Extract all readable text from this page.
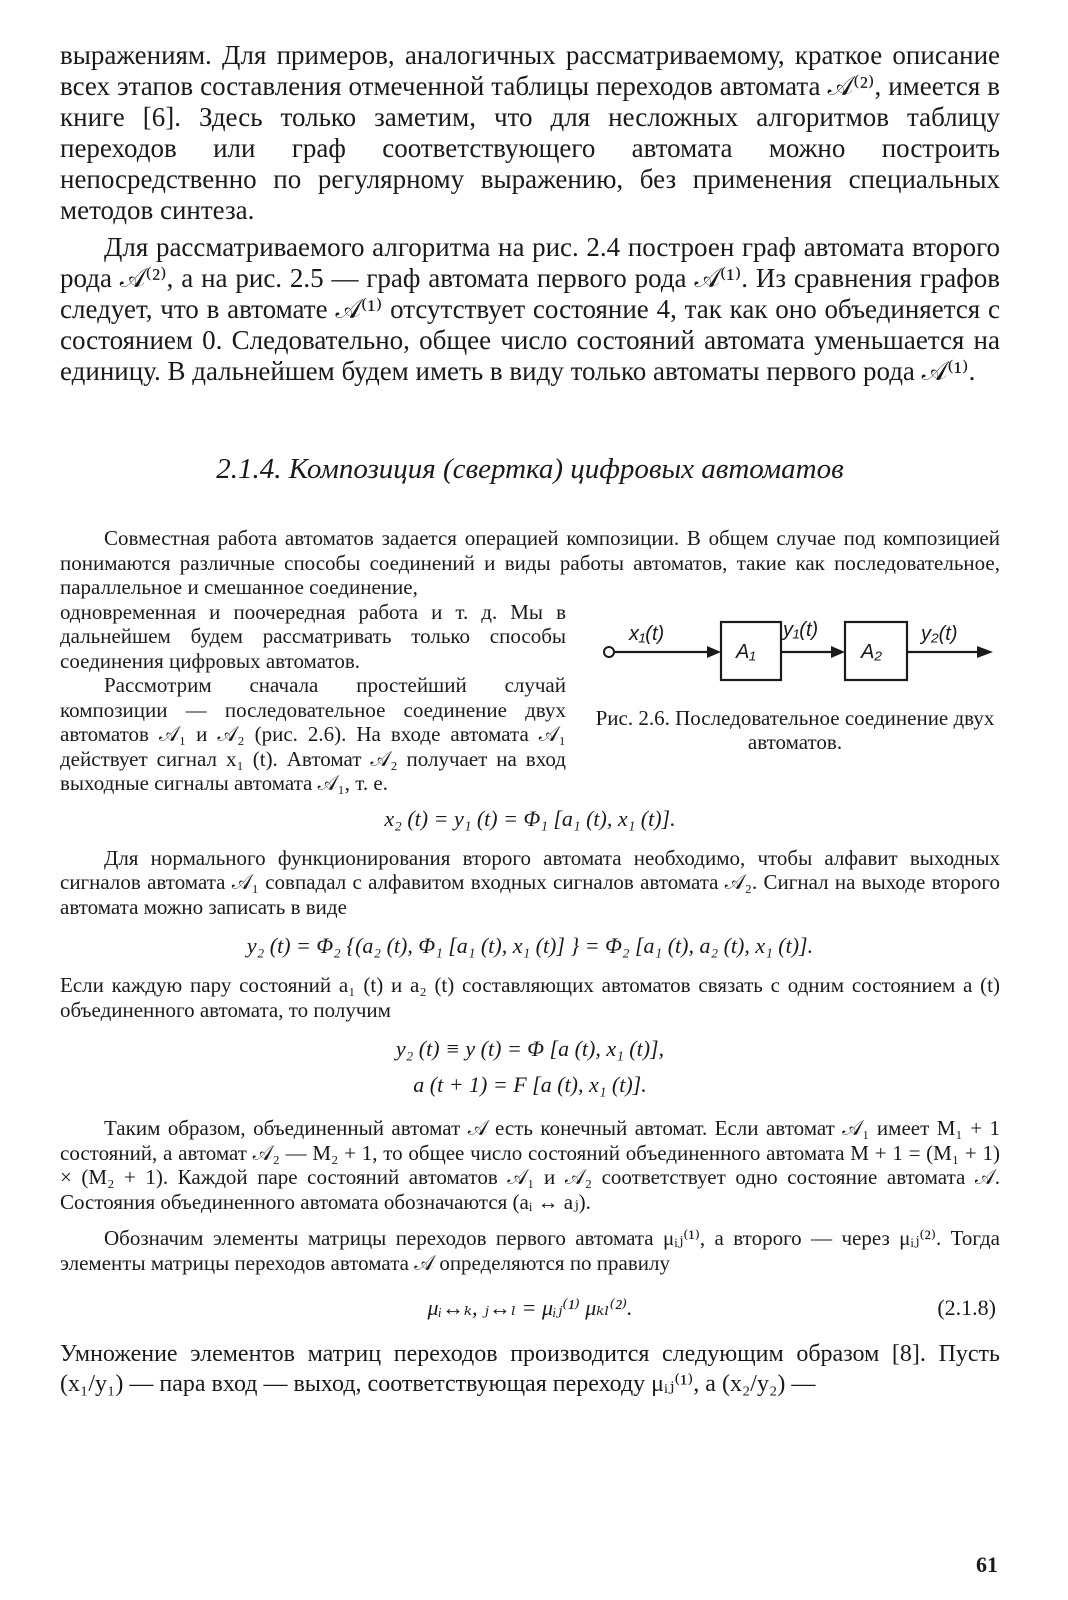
выражениям. Для примеров, аналогичных рассматриваемому, краткое описание всех этапов составления отмеченной таблицы переходов автомата 𝒜⁽²⁾, имеется в книге [6]. Здесь только заметим, что для несложных алгоритмов таблицу переходов или граф соответствующего автомата можно построить непосредственно по регулярному выражению, без применения специальных методов синтеза.

Для рассматриваемого алгоритма на рис. 2.4 построен граф автомата второго рода 𝒜⁽²⁾, а на рис. 2.5 — граф автомата первого рода 𝒜⁽¹⁾. Из сравнения графов следует, что в автомате 𝒜⁽¹⁾ отсутствует состояние 4, так как оно объединяется с состоянием 0. Следовательно, общее число состояний автомата уменьшается на единицу. В дальнейшем будем иметь в виду только автоматы первого рода 𝒜⁽¹⁾.

2.1.4. Композиция (свертка) цифровых автоматов

Совместная работа автоматов задается операцией композиции. В общем случае под композицией понимаются различные способы соединений и виды работы автоматов, такие как последовательное, параллельное и смешанное соединение,

x₁(t)	y₁(t)	y₂(t)
A₁	A₂
Рис. 2.6. Последовательное соединение двух автоматов.

одновременная и поочередная работа и т. д. Мы в дальнейшем будем рассматривать только способы соединения цифровых автоматов.

Рассмотрим сначала простейший случай композиции — последовательное соединение двух автоматов 𝒜₁ и 𝒜₂ (рис. 2.6). На входе автомата 𝒜₁ действует сигнал x₁ (t). Автомат 𝒜₂ получает на вход выходные сигналы автомата 𝒜₁, т. е.

x₂ (t) = y₁ (t) = Φ₁ [a₁ (t), x₁ (t)].

Для нормального функционирования второго автомата необходимо, чтобы алфавит выходных сигналов автомата 𝒜₁ совпадал с алфавитом входных сигналов автомата 𝒜₂. Сигнал на выходе второго автомата можно записать в виде

y₂ (t) = Φ₂ {(a₂ (t), Φ₁ [a₁ (t), x₁ (t)] } = Φ₂ [a₁ (t), a₂ (t), x₁ (t)].

Если каждую пару состояний a₁ (t) и a₂ (t) составляющих автоматов связать с одним состоянием a (t) объединенного автомата, то получим

y₂ (t) ≡ y (t) = Φ [a (t), x₁ (t)],
a (t + 1) = F [a (t), x₁ (t)].

Таким образом, объединенный автомат 𝒜 есть конечный автомат. Если автомат 𝒜₁ имеет M₁ + 1 состояний, а автомат 𝒜₂ — M₂ + 1, то общее число состояний объединенного автомата M + 1 = (M₁ + 1) × (M₂ + 1). Каждой паре состояний автоматов 𝒜₁ и 𝒜₂ соответствует одно состояние автомата 𝒜. Состояния объединенного автомата обозначаются (aᵢ ↔ aⱼ).

Обозначим элементы матрицы переходов первого автомата μᵢⱼ⁽¹⁾, а второго — через μᵢⱼ⁽²⁾. Тогда элементы матрицы переходов автомата 𝒜 определяются по правилу

μᵢ↔ₖ, ⱼ↔ₗ = μᵢⱼ⁽¹⁾ μₖₗ⁽²⁾.	(2.1.8)

Умножение элементов матриц переходов производится следующим образом [8]. Пусть (x₁/y₁) — пара вход — выход, соответствующая переходу μᵢⱼ⁽¹⁾, а (x₂/y₂) —

61
